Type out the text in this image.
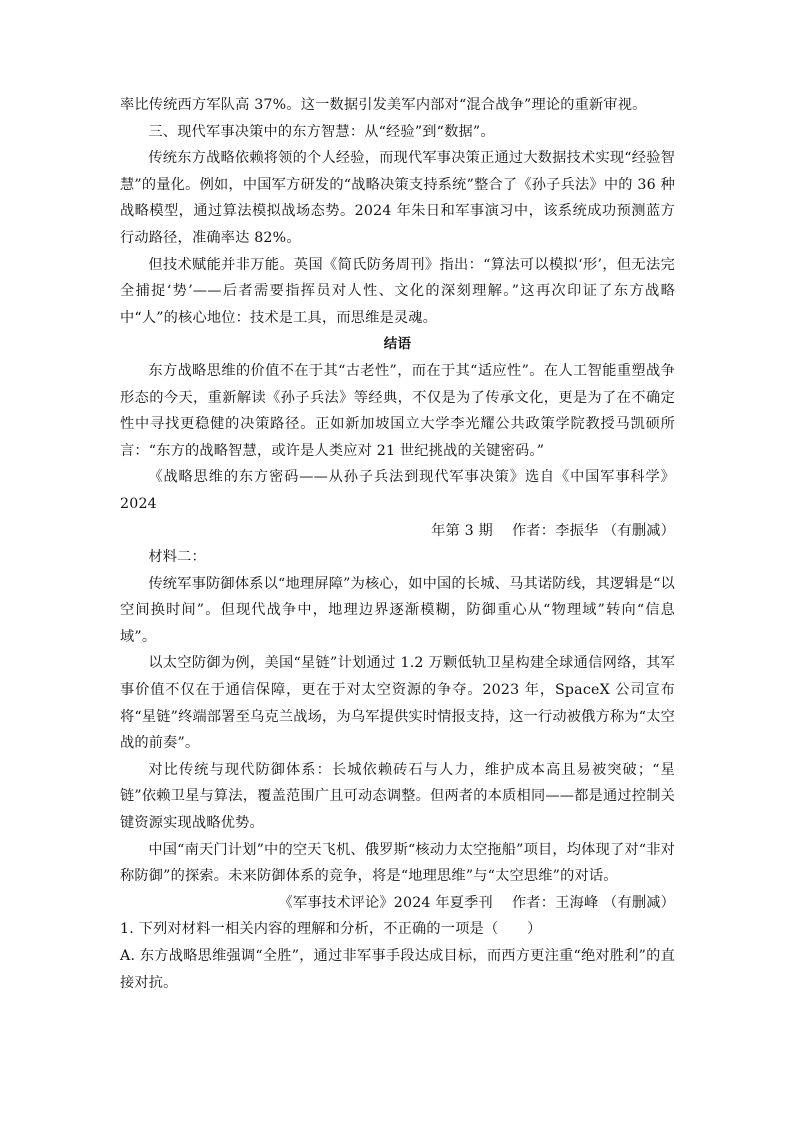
率比传统西方军队高 37%。这一数据引发美军内部对“混合战争”理论的重新审视。

三、现代军事决策中的东方智慧：从“经验”到“数据”。

传统东方战略依赖将领的个人经验，而现代军事决策正通过大数据技术实现“经验智慧”的量化。例如，中国军方研发的“战略决策支持系统”整合了《孙子兵法》中的 36 种战略模型，通过算法模拟战场态势。2024 年朱日和军事演习中，该系统成功预测蓝方行动路径，准确率达 82%。

但技术赋能并非万能。英国《简氏防务周刊》指出：“算法可以模拟‘形’，但无法完全捕捉‘势’——后者需要指挥员对人性、文化的深刻理解。”这再次印证了东方战略中“人”的核心地位：技术是工具，而思维是灵魂。

结语

东方战略思维的价值不在于其“古老性”，而在于其“适应性”。在人工智能重塑战争形态的今天，重新解读《孙子兵法》等经典，不仅是为了传承文化，更是为了在不确定性中寻找更稳健的决策路径。正如新加坡国立大学李光耀公共政策学院教授马凯硕所言：“东方的战略智慧，或许是人类应对 21 世纪挑战的关键密码。”

《战略思维的东方密码——从孙子兵法到现代军事决策》选自《中国军事科学》2024

年第 3 期　 作者：李振华 （有删减）

材料二：

传统军事防御体系以“地理屏障”为核心，如中国的长城、马其诺防线，其逻辑是“以空间换时间”。但现代战争中，地理边界逐渐模糊，防御重心从“物理域”转向“信息域”。

以太空防御为例，美国“星链”计划通过 1.2 万颗低轨卫星构建全球通信网络，其军事价值不仅在于通信保障，更在于对太空资源的争夺。2023 年，SpaceX 公司宣布将“星链”终端部署至乌克兰战场，为乌军提供实时情报支持，这一行动被俄方称为“太空战的前奏”。

对比传统与现代防御体系：长城依赖砖石与人力，维护成本高且易被突破；“星链”依赖卫星与算法，覆盖范围广且可动态调整。但两者的本质相同——都是通过控制关键资源实现战略优势。

中国“南天门计划”中的空天飞机、俄罗斯“核动力太空拖船”项目，均体现了对“非对称防御”的探索。未来防御体系的竞争，将是“地理思维”与“太空思维”的对话。

《军事技术评论》2024 年夏季刊　 作者：王海峰 （有删减）

1. 下列对材料一相关内容的理解和分析，不正确的一项是（　　）

A. 东方战略思维强调“全胜”，通过非军事手段达成目标，而西方更注重“绝对胜利”的直接对抗。
